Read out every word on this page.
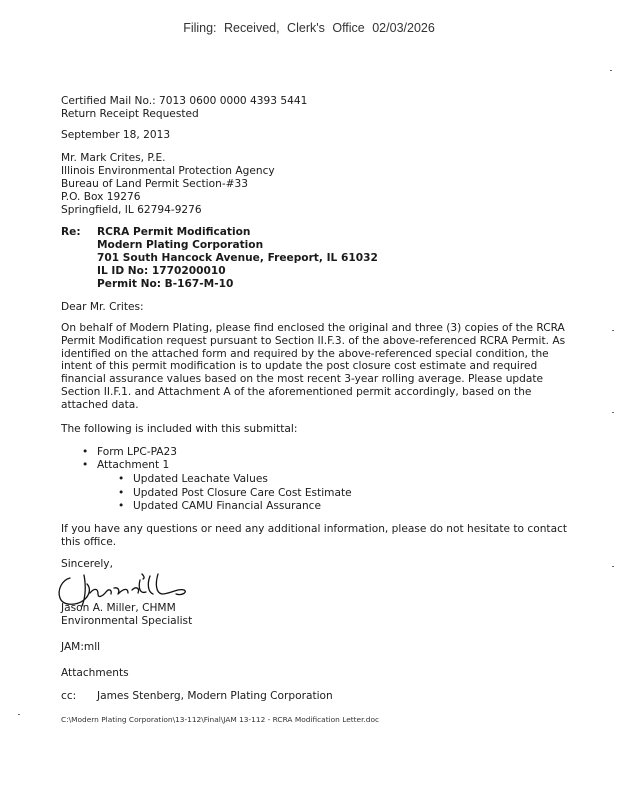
Filing: Received, Clerk's Office 02/03/2026
Certified Mail No.: 7013 0600 0000 4393 5441
Return Receipt Requested
September 18, 2013
Mr. Mark Crites, P.E.
Illinois Environmental Protection Agency
Bureau of Land Permit Section-#33
P.O. Box 19276
Springfield, IL 62794-9276
Re: RCRA Permit Modification
Modern Plating Corporation
701 South Hancock Avenue, Freeport, IL 61032
IL ID No: 1770200010
Permit No: B-167-M-10
Dear Mr. Crites:
On behalf of Modern Plating, please find enclosed the original and three (3) copies of the RCRA
Permit Modification request pursuant to Section II.F.3. of the above-referenced RCRA Permit. As
identified on the attached form and required by the above-referenced special condition, the
intent of this permit modification is to update the post closure cost estimate and required
financial assurance values based on the most recent 3-year rolling average. Please update
Section II.F.1. and Attachment A of the aforementioned permit accordingly, based on the
attached data.
The following is included with this submittal:
• Form LPC-PA23
• Attachment 1
• Updated Leachate Values
• Updated Post Closure Care Cost Estimate
• Updated CAMU Financial Assurance
If you have any questions or need any additional information, please do not hesitate to contact
this office.
Sincerely,
Jason A. Miller, CHMM
Environmental Specialist
JAM:mll
Attachments
cc: James Stenberg, Modern Plating Corporation
C:\Modern Plating Corporation\13-112\Final\JAM 13-112 - RCRA Modification Letter.doc
